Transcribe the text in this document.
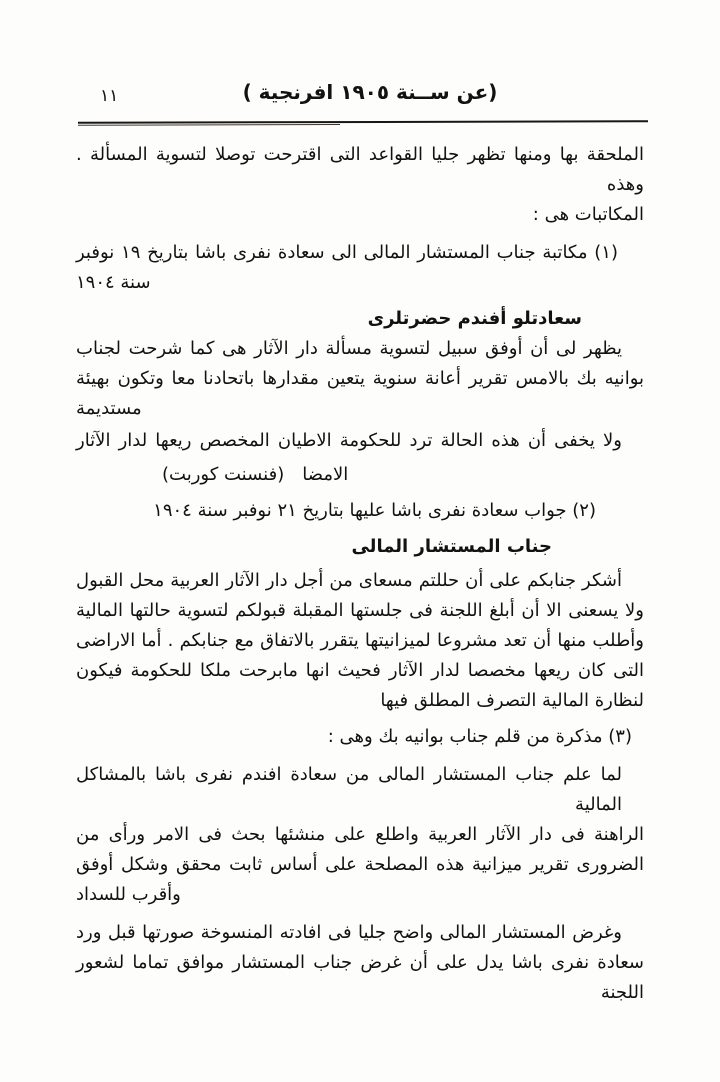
١١	(عن ســنة ١٩٠٥ افرنجية )
الملحقة بها ومنها تظهر جليا القواعد التى اقترحت توصلا لتسوية المسألة . وهذه
المكاتبات هى :
(١) مكاتبة جناب المستشار المالى الى سعادة نفرى باشا بتاريخ ١٩ نوفبر
سنة ١٩٠٤
سعادتلو أفندم حضرتلرى
يظهر لى أن أوفق سبيل لتسوية مسألة دار الآثار هى كما شرحت لجناب
بوانيه بك بالامس تقرير أعانة سنوية يتعين مقدارها باتحادنا معا وتكون بهيئة
مستديمة
ولا يخفى أن هذه الحالة ترد للحكومة الاطيان المخصص ريعها لدار الآثار
الامضا(فنسنت كوربت)
(٢) جواب سعادة نفرى باشا عليها بتاريخ ٢١ نوفبر سنة ١٩٠٤
جناب المستشار المالى
أشكر جنابكم على أن حللتم مسعاى من أجل دار الآثار العربية محل القبول
ولا يسعنى الا أن أبلغ اللجنة فى جلستها المقبلة قبولكم لتسوية حالتها المالية
وأطلب منها أن تعد مشروعا لميزانيتها يتقرر بالاتفاق مع جنابكم . أما الاراضى
التى كان ريعها مخصصا لدار الآثار فحيث انها مابرحت ملكا للحكومة فيكون
لنظارة المالية التصرف المطلق فيها
(٣) مذكرة من قلم جناب بوانيه بك وهى :
لما علم جناب المستشار المالى من سعادة افندم نفرى باشا بالمشاكل المالية
الراهنة فى دار الآثار العربية واطلع على منشئها بحث فى الامر ورأى من
الضرورى تقرير ميزانية هذه المصلحة على أساس ثابت محقق وشكل أوفق
وأقرب للسداد
وغرض المستشار المالى واضح جليا فى افادته المنسوخة صورتها قبل ورد
سعادة نفرى باشا يدل على أن غرض جناب المستشار موافق تماما لشعور اللجنة
